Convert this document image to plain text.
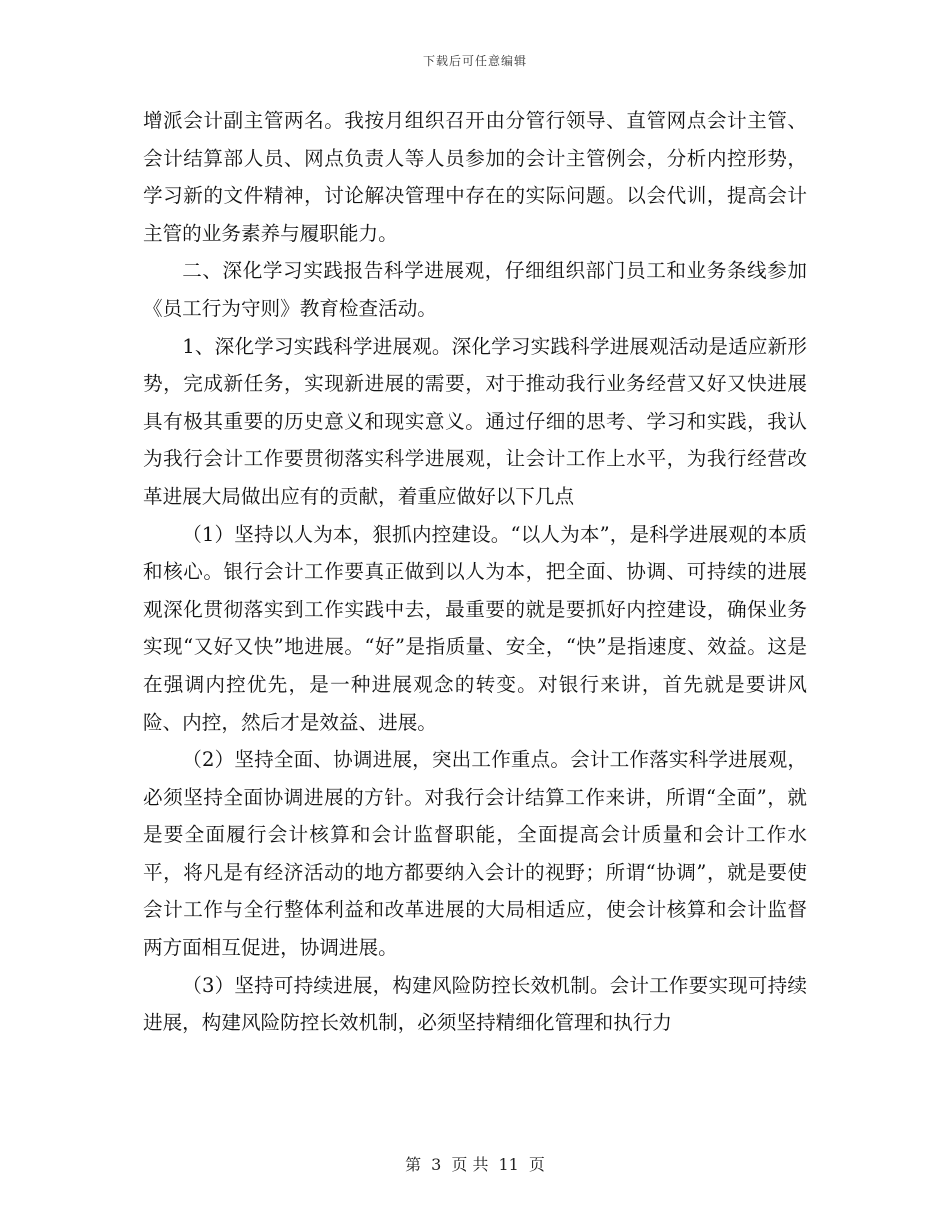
下载后可任意编辑

增派会计副主管两名。我按月组织召开由分管行领导、直管网点会计主管、会计结算部人员、网点负责人等人员参加的会计主管例会，分析内控形势，学习新的文件精神，讨论解决管理中存在的实际问题。以会代训，提高会计主管的业务素养与履职能力。

二、深化学习实践报告科学进展观，仔细组织部门员工和业务条线参加《员工行为守则》教育检查活动。

1、深化学习实践科学进展观。深化学习实践科学进展观活动是适应新形势，完成新任务，实现新进展的需要，对于推动我行业务经营又好又快进展具有极其重要的历史意义和现实意义。通过仔细的思考、学习和实践，我认为我行会计工作要贯彻落实科学进展观，让会计工作上水平，为我行经营改革进展大局做出应有的贡献，着重应做好以下几点

（1）坚持以人为本，狠抓内控建设。“以人为本”，是科学进展观的本质和核心。银行会计工作要真正做到以人为本，把全面、协调、可持续的进展观深化贯彻落实到工作实践中去，最重要的就是要抓好内控建设，确保业务实现“又好又快”地进展。“好”是指质量、安全，“快”是指速度、效益。这是在强调内控优先，是一种进展观念的转变。对银行来讲，首先就是要讲风险、内控，然后才是效益、进展。

（2）坚持全面、协调进展，突出工作重点。会计工作落实科学进展观，必须坚持全面协调进展的方针。对我行会计结算工作来讲，所谓“全面”，就是要全面履行会计核算和会计监督职能，全面提高会计质量和会计工作水平，将凡是有经济活动的地方都要纳入会计的视野；所谓“协调”，就是要使会计工作与全行整体利益和改革进展的大局相适应，使会计核算和会计监督两方面相互促进，协调进展。

（3）坚持可持续进展，构建风险防控长效机制。会计工作要实现可持续进展，构建风险防控长效机制，必须坚持精细化管理和执行力

第 3 页 共 11 页
